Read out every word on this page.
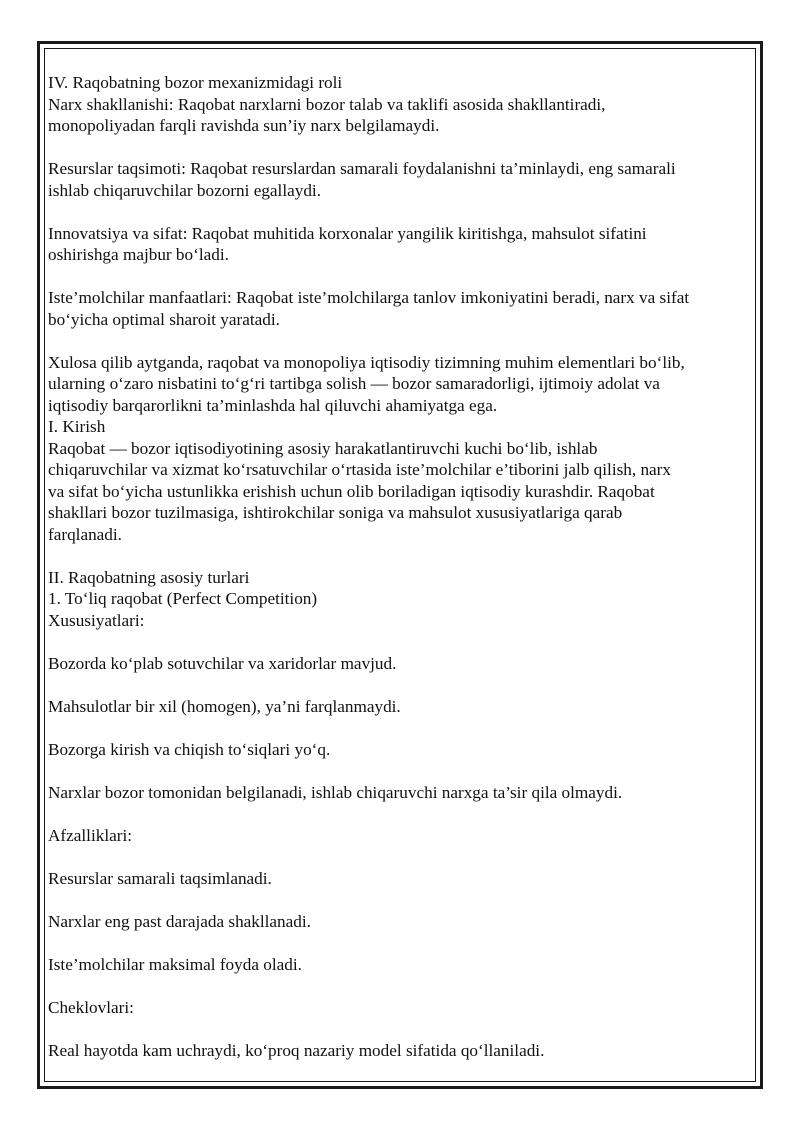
IV. Raqobatning bozor mexanizmidagi roli

Narx shakllanishi: Raqobat narxlarni bozor talab va taklifi asosida shakllantiradi,
monopoliyadan farqli ravishda sun’iy narx belgilamaydi.

Resurslar taqsimoti: Raqobat resurslardan samarali foydalanishni ta’minlaydi, eng samarali
ishlab chiqaruvchilar bozorni egallaydi.

Innovatsiya va sifat: Raqobat muhitida korxonalar yangilik kiritishga, mahsulot sifatini
oshirishga majbur bo‘ladi.

Iste’molchilar manfaatlari: Raqobat iste’molchilarga tanlov imkoniyatini beradi, narx va sifat
bo‘yicha optimal sharoit yaratadi.

Xulosa qilib aytganda, raqobat va monopoliya iqtisodiy tizimning muhim elementlari bo‘lib,
ularning o‘zaro nisbatini to‘g‘ri tartibga solish — bozor samaradorligi, ijtimoiy adolat va
iqtisodiy barqarorlikni ta’minlashda hal qiluvchi ahamiyatga ega.

I. Kirish

Raqobat — bozor iqtisodiyotining asosiy harakatlantiruvchi kuchi bo‘lib, ishlab
chiqaruvchilar va xizmat ko‘rsatuvchilar o‘rtasida iste’molchilar e’tiborini jalb qilish, narx
va sifat bo‘yicha ustunlikka erishish uchun olib boriladigan iqtisodiy kurashdir. Raqobat
shakllari bozor tuzilmasiga, ishtirokchilar soniga va mahsulot xususiyatlariga qarab
farqlanadi.

II. Raqobatning asosiy turlari

1. To‘liq raqobat (Perfect Competition)

Xususiyatlari:

Bozorda ko‘plab sotuvchilar va xaridorlar mavjud.

Mahsulotlar bir xil (homogen), ya’ni farqlanmaydi.

Bozorga kirish va chiqish to‘siqlari yo‘q.

Narxlar bozor tomonidan belgilanadi, ishlab chiqaruvchi narxga ta’sir qila olmaydi.

Afzalliklari:

Resurslar samarali taqsimlanadi.

Narxlar eng past darajada shakllanadi.

Iste’molchilar maksimal foyda oladi.

Cheklovlari:

Real hayotda kam uchraydi, ko‘proq nazariy model sifatida qo‘llaniladi.
